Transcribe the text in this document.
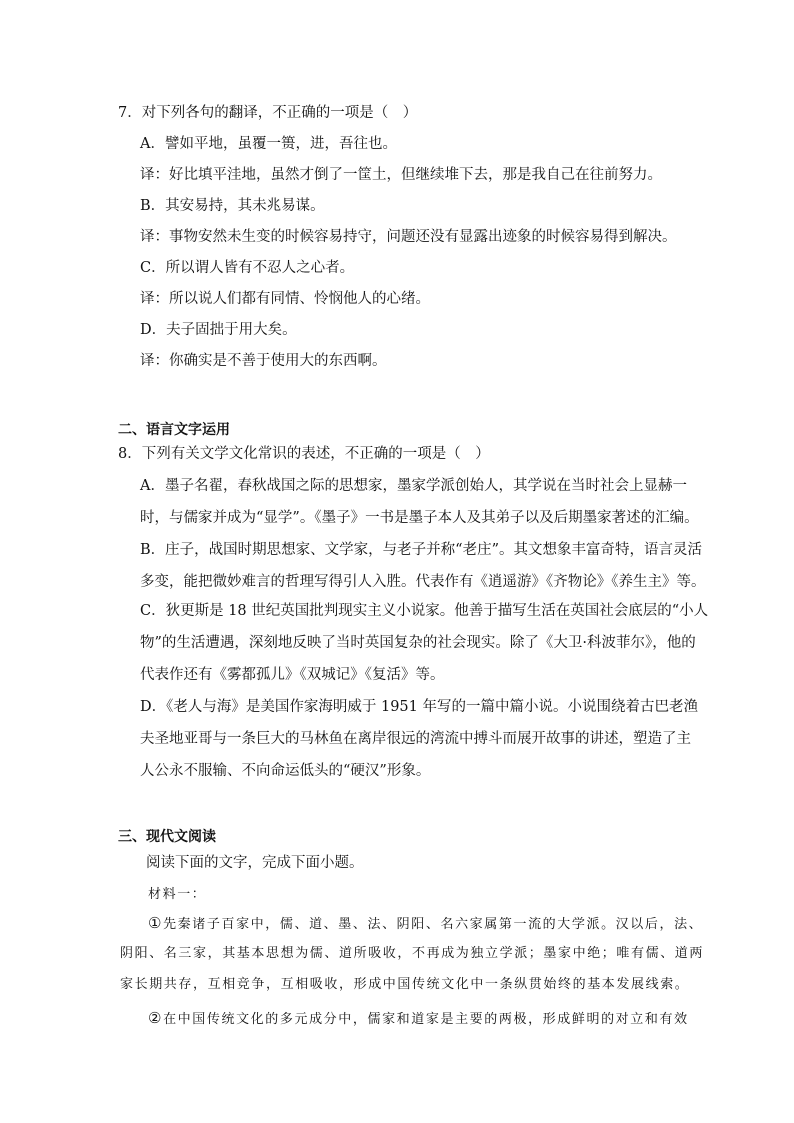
7．对下列各句的翻译，不正确的一项是（　）
A．譬如平地，虽覆一篑，进，吾往也。
译：好比填平洼地，虽然才倒了一筐土，但继续堆下去，那是我自己在往前努力。
B．其安易持，其未兆易谋。
译：事物安然未生变的时候容易持守，问题还没有显露出迹象的时候容易得到解决。
C．所以谓人皆有不忍人之心者。
译：所以说人们都有同情、怜悯他人的心绪。
D．夫子固拙于用大矣。
译：你确实是不善于使用大的东西啊。
二、语言文字运用
8．下列有关文学文化常识的表述，不正确的一项是（　）
A．墨子名翟，春秋战国之际的思想家，墨家学派创始人，其学说在当时社会上显赫一
时，与儒家并成为“显学”。《墨子》一书是墨子本人及其弟子以及后期墨家著述的汇编。
B．庄子，战国时期思想家、文学家，与老子并称“老庄”。其文想象丰富奇特，语言灵活
多变，能把微妙难言的哲理写得引人入胜。代表作有《逍遥游》《齐物论》《养生主》等。
C．狄更斯是 18 世纪英国批判现实主义小说家。他善于描写生活在英国社会底层的“小人
物”的生活遭遇，深刻地反映了当时英国复杂的社会现实。除了《大卫·科波菲尔》，他的
代表作还有《雾都孤儿》《双城记》《复活》等。
D．《老人与海》是美国作家海明威于 1951 年写的一篇中篇小说。小说围绕着古巴老渔
夫圣地亚哥与一条巨大的马林鱼在离岸很远的湾流中搏斗而展开故事的讲述，塑造了主
人公永不服输、不向命运低头的“硬汉”形象。
三、现代文阅读
阅读下面的文字，完成下面小题。
材料一：
①先秦诸子百家中，儒、道、墨、法、阴阳、名六家属第一流的大学派。汉以后，法、
阴阳、名三家，其基本思想为儒、道所吸收，不再成为独立学派；墨家中绝；唯有儒、道两
家长期共存，互相竞争，互相吸收，形成中国传统文化中一条纵贯始终的基本发展线索。
②在中国传统文化的多元成分中，儒家和道家是主要的两极，形成鲜明的对立和有效
